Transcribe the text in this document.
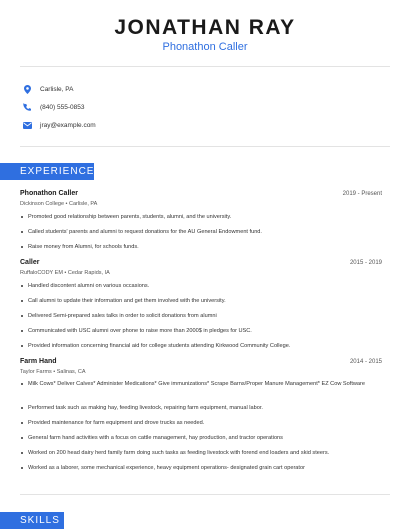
JONATHAN RAY
Phonathon Caller
Carlisle, PA
(840) 555-0853
jray@example.com
EXPERIENCE
Phonathon Caller	2019 - Present
Dickinson College • Carlisle, PA
Promoted good relationship between parents, students, alumni, and the university.
Called students' parents and alumni to request donations for the AU General Endowment fund.
Raise money from Alumni, for schools funds.
Caller	2015 - 2019
RuffaloCODY EM • Cedar Rapids, IA
Handled discontent alumni on various occasions.
Call alumni to update their information and get them involved with the university.
Delivered Semi-prepared sales talks in order to solicit donations from alumni
Communicated with USC alumni over phone to raise more than 2000$ in pledges for USC.
Provided information concerning financial aid for college students attending Kirkwood Community College.
Farm Hand	2014 - 2015
Taylor Farms • Salinas, CA
Milk Cows* Deliver Calves* Administer Medications* Give immunizations* Scrape Barns/Proper Manure Management* EZ Cow Software
Performed task such as making hay, feeding livestock, repairing farm equipment, manual labor.
Provided maintenance for farm equipment and drove trucks as needed.
General farm hand activities with a focus on cattle management, hay production, and tractor operations
Worked on 200 head dairy herd family farm doing such tasks as feeding livestock with forend end loaders and skid steers.
Worked as a laborer, some mechanical experience, heavy equipment operations- designated grain cart operator
SKILLS
